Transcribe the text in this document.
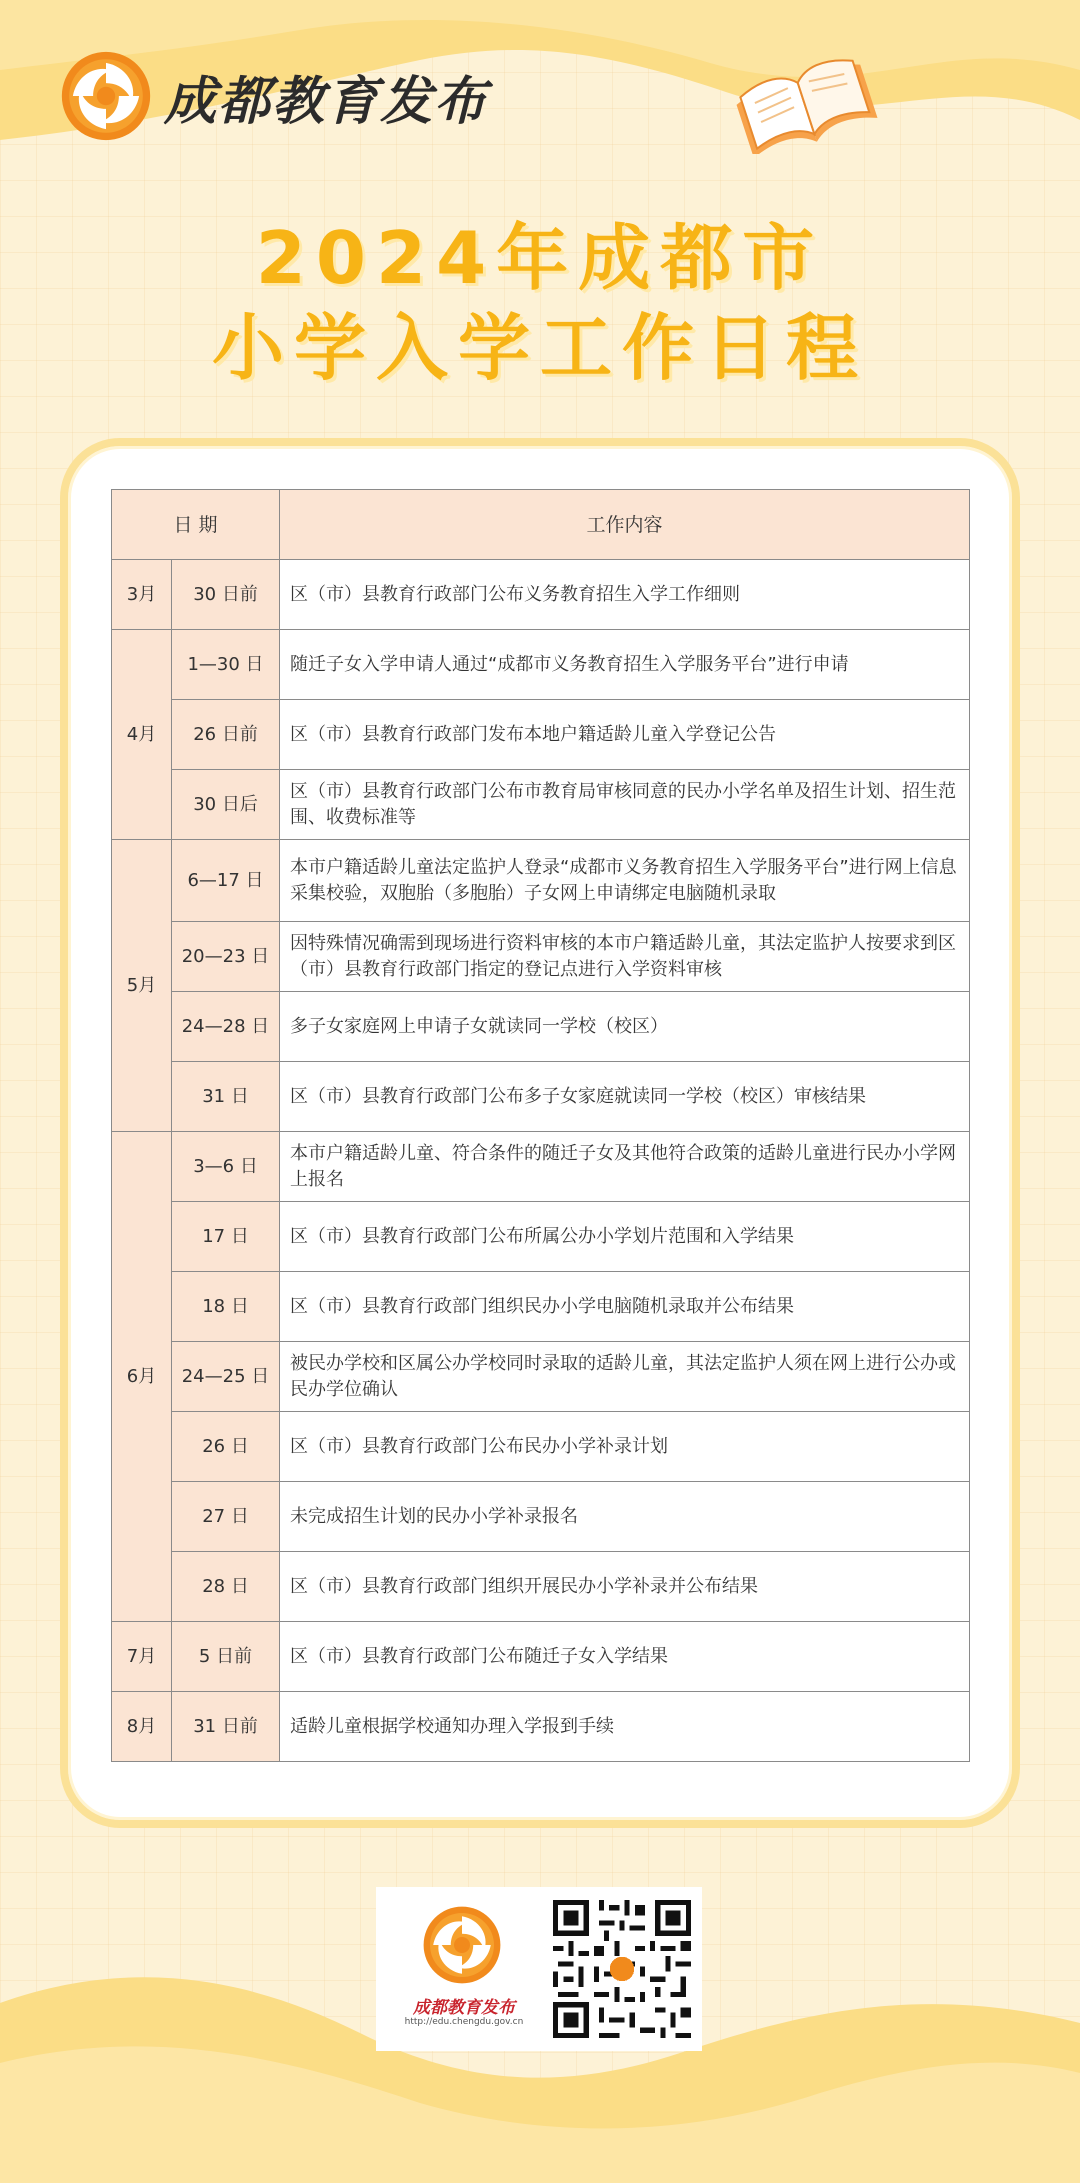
成都教育发布
2024年成都市
小学入学工作日程
日 期		工作内容
3月	30 日前	区（市）县教育行政部门公布义务教育招生入学工作细则
4月	1—30 日	随迁子女入学申请人通过“成都市义务教育招生入学服务平台”进行申请
	26 日前	区（市）县教育行政部门发布本地户籍适龄儿童入学登记公告
	30 日后	区（市）县教育行政部门公布市教育局审核同意的民办小学名单及招生计划、招生范围、收费标准等
5月	6—17 日	本市户籍适龄儿童法定监护人登录“成都市义务教育招生入学服务平台”进行网上信息采集校验，双胞胎（多胞胎）子女网上申请绑定电脑随机录取
	20—23 日	因特殊情况确需到现场进行资料审核的本市户籍适龄儿童，其法定监护人按要求到区（市）县教育行政部门指定的登记点进行入学资料审核
	24—28 日	多子女家庭网上申请子女就读同一学校（校区）
	31 日	区（市）县教育行政部门公布多子女家庭就读同一学校（校区）审核结果
6月	3—6 日	本市户籍适龄儿童、符合条件的随迁子女及其他符合政策的适龄儿童进行民办小学网上报名
	17 日	区（市）县教育行政部门公布所属公办小学划片范围和入学结果
	18 日	区（市）县教育行政部门组织民办小学电脑随机录取并公布结果
	24—25 日	被民办学校和区属公办学校同时录取的适龄儿童，其法定监护人须在网上进行公办或民办学位确认
	26 日	区（市）县教育行政部门公布民办小学补录计划
	27 日	未完成招生计划的民办小学补录报名
	28 日	区（市）县教育行政部门组织开展民办小学补录并公布结果
7月	5 日前	区（市）县教育行政部门公布随迁子女入学结果
8月	31 日前	适龄儿童根据学校通知办理入学报到手续
成都教育发布
http://edu.chengdu.gov.cn
